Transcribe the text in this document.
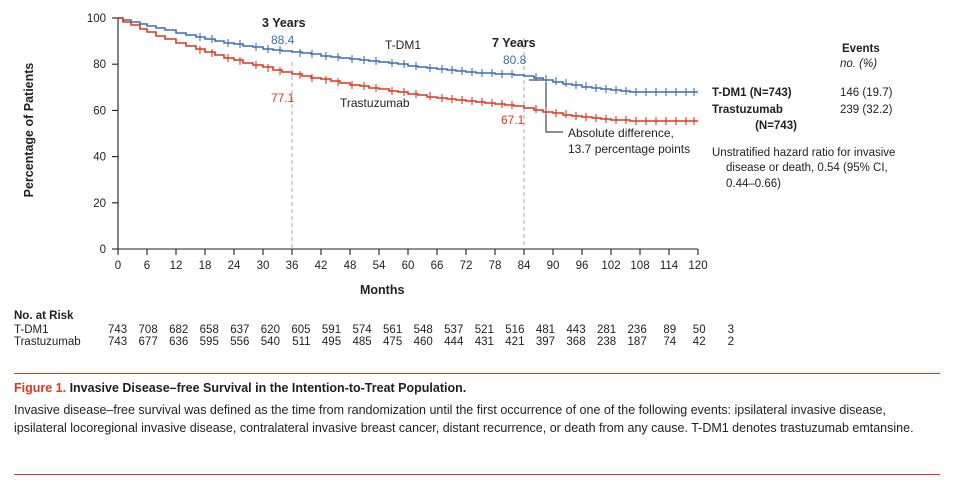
0
20
40
60
80
100
0 6 12 18 24 30 36 42 48 54 60 66 72 78 84 90 96 102 108 114 120
Percentage of Patients
Months
3 Years
88.4
77.1
7 Years
80.8
67.1
Absolute difference,
13.7 percentage points
T-DM1
Trastuzumab
Events
no. (%)
T-DM1 (N=743)	146 (19.7)
Trastuzumab	239 (32.2)
(N=743)
Unstratified hazard ratio for invasive
disease or death, 0.54 (95% CI,
0.44–0.66)
No. at Risk
T-DM1	743	708	682	658	637	620	605	591	574	561	548	537	521	516	481	443	281	236	89	50	3
Trastuzumab	743	677	636	595	556	540	511	495	485	475	460	444	431	421	397	368	238	187	74	42	2
Figure 1. Invasive Disease–free Survival in the Intention-to-Treat Population.
Invasive disease–free survival was defined as the time from randomization until the first occurrence of one of the following events: ipsilateral invasive disease, ipsilateral locoregional invasive disease, contralateral invasive breast cancer, distant recurrence, or death from any cause. T-DM1 denotes trastuzumab emtansine.
